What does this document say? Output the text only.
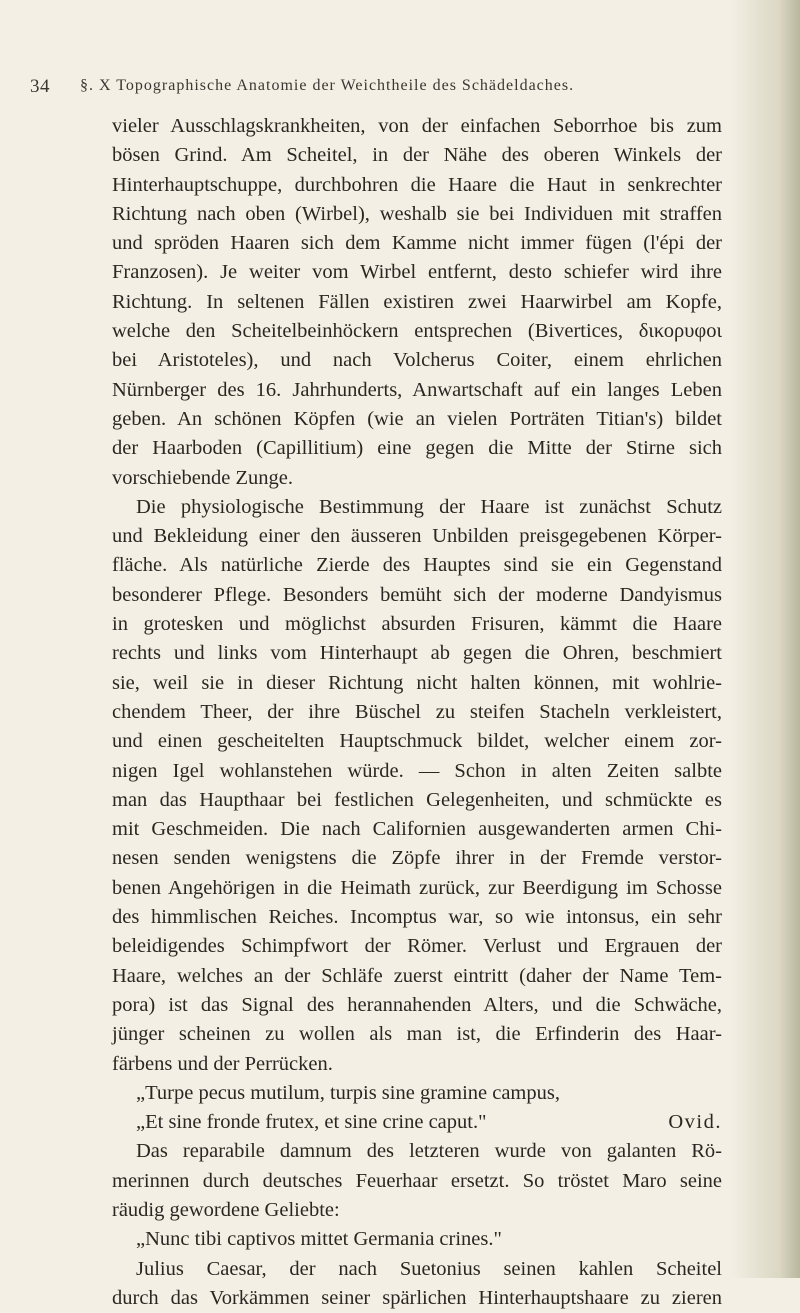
34 §. X Topographische Anatomie der Weichtheile des Schädeldaches.
vieler Ausschlagskrankheiten, von der einfachen Seborrhoe bis zum
bösen Grind. Am Scheitel, in der Nähe des oberen Winkels der
Hinterhauptschuppe, durchbohren die Haare die Haut in senkrechter
Richtung nach oben (Wirbel), weshalb sie bei Individuen mit straffen
und spröden Haaren sich dem Kamme nicht immer fügen (l'épi der
Franzosen). Je weiter vom Wirbel entfernt, desto schiefer wird ihre
Richtung. In seltenen Fällen existiren zwei Haarwirbel am Kopfe,
welche den Scheitelbeinhöckern entsprechen (Bivertices, δικορυφοι
bei Aristoteles), und nach Volcherus Coiter, einem ehrlichen
Nürnberger des 16. Jahrhunderts, Anwartschaft auf ein langes Leben
geben. An schönen Köpfen (wie an vielen Porträten Titian's) bildet
der Haarboden (Capillitium) eine gegen die Mitte der Stirne sich
vorschiebende Zunge.
Die physiologische Bestimmung der Haare ist zunächst Schutz
und Bekleidung einer den äusseren Unbilden preisgegebenen Körper-
fläche. Als natürliche Zierde des Hauptes sind sie ein Gegenstand
besonderer Pflege. Besonders bemüht sich der moderne Dandyismus
in grotesken und möglichst absurden Frisuren, kämmt die Haare
rechts und links vom Hinterhaupt ab gegen die Ohren, beschmiert
sie, weil sie in dieser Richtung nicht halten können, mit wohlrie-
chendem Theer, der ihre Büschel zu steifen Stacheln verkleistert,
und einen gescheitelten Hauptschmuck bildet, welcher einem zor-
nigen Igel wohlanstehen würde. — Schon in alten Zeiten salbte
man das Haupthaar bei festlichen Gelegenheiten, und schmückte es
mit Geschmeiden. Die nach Californien ausgewanderten armen Chi-
nesen senden wenigstens die Zöpfe ihrer in der Fremde verstor-
benen Angehörigen in die Heimath zurück, zur Beerdigung im Schosse
des himmlischen Reiches. Incomptus war, so wie intonsus, ein sehr
beleidigendes Schimpfwort der Römer. Verlust und Ergrauen der
Haare, welches an der Schläfe zuerst eintritt (daher der Name Tem-
pora) ist das Signal des herannahenden Alters, und die Schwäche,
jünger scheinen zu wollen als man ist, die Erfinderin des Haar-
färbens und der Perrücken.
„Turpe pecus mutilum, turpis sine gramine campus,
„Et sine fronde frutex, et sine crine caput."	Ovid.
Das reparabile damnum des letzteren wurde von galanten Rö-
merinnen durch deutsches Feuerhaar ersetzt. So tröstet Maro seine
räudig gewordene Geliebte:
„Nunc tibi captivos mittet Germania crines."
Julius Caesar, der nach Suetonius seinen kahlen Scheitel
durch das Vorkämmen seiner spärlichen Hinterhauptshaare zu zieren
